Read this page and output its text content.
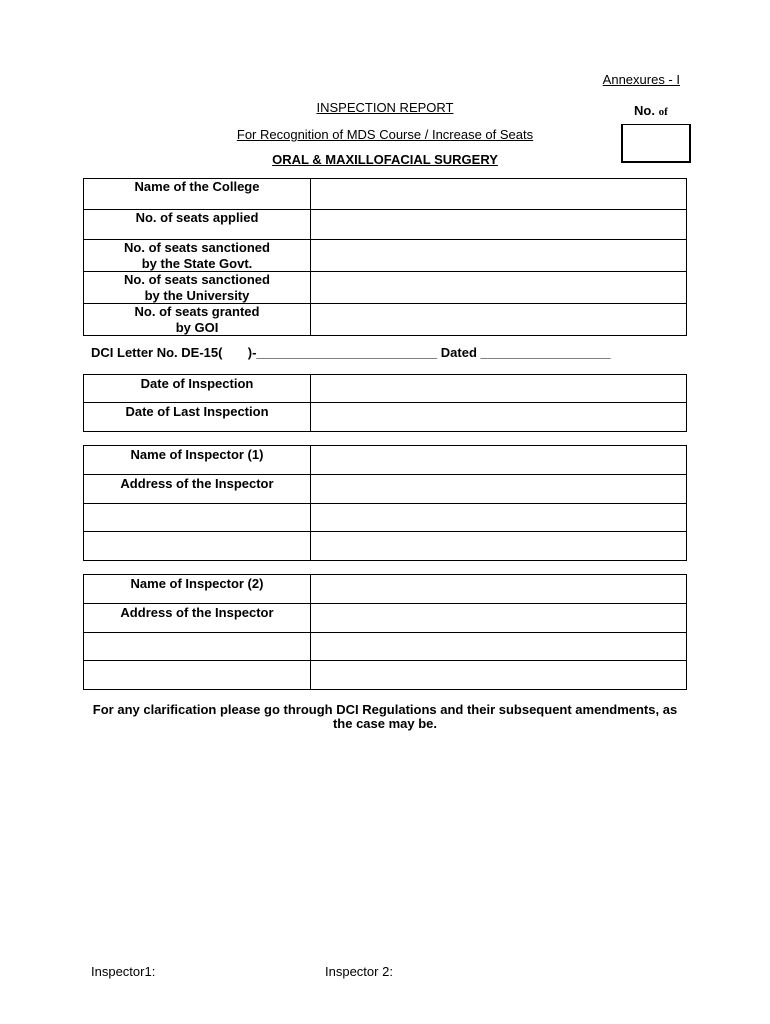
Annexures - I
No. of
INSPECTION REPORT
For Recognition of MDS Course / Increase of Seats
ORAL & MAXILLOFACIAL SURGERY
Name of the College	
No. of seats applied	
No. of seats sanctioned
by the State Govt.	
No. of seats sanctioned
by the University	
No. of seats granted
by GOI	
DCI Letter No. DE-15(       )-_________________________ Dated __________________
Date of Inspection	
Date of Last Inspection	
Name of Inspector (1)	
Address of the Inspector	

Name of Inspector (2)	
Address of the Inspector	

For any clarification please go through DCI Regulations and their subsequent amendments, as the case may be.
Inspector1:	Inspector 2:
